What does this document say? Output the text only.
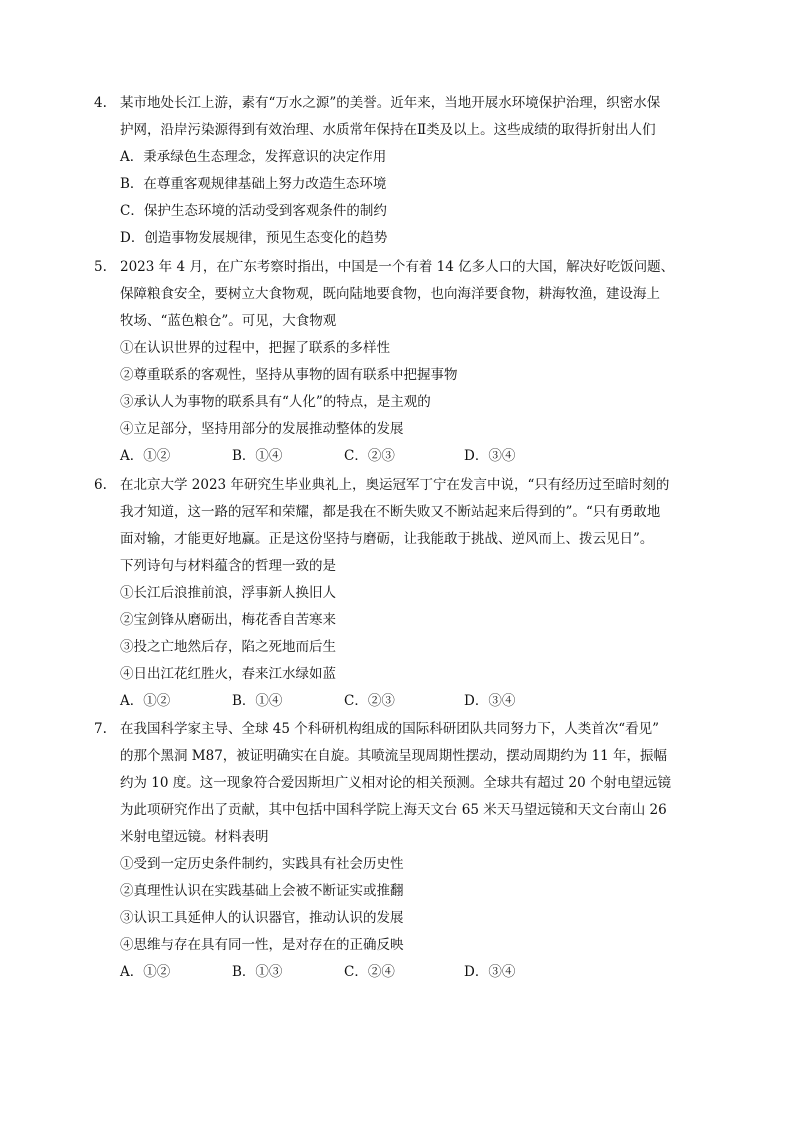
4. 某市地处长江上游，素有“万水之源”的美誉。近年来，当地开展水环境保护治理，织密水保
护网，沿岸污染源得到有效治理、水质常年保持在Ⅱ类及以上。这些成绩的取得折射出人们
A．秉承绿色生态理念，发挥意识的决定作用
B．在尊重客观规律基础上努力改造生态环境
C．保护生态环境的活动受到客观条件的制约
D．创造事物发展规律，预见生态变化的趋势
5. 2023 年 4 月，在广东考察时指出，中国是一个有着 14 亿多人口的大国，解决好吃饭问题、
保障粮食安全，要树立大食物观，既向陆地要食物，也向海洋要食物，耕海牧渔，建设海上
牧场、“蓝色粮仓”。可见，大食物观
①在认识世界的过程中，把握了联系的多样性
②尊重联系的客观性，坚持从事物的固有联系中把握事物
③承认人为事物的联系具有“人化”的特点，是主观的
④立足部分，坚持用部分的发展推动整体的发展
A．①②	B．①④	C．②③	D．③④
6. 在北京大学 2023 年研究生毕业典礼上，奥运冠军丁宁在发言中说，“只有经历过至暗时刻的
我才知道，这一路的冠军和荣耀，都是我在不断失败又不断站起来后得到的”。“只有勇敢地
面对输，才能更好地赢。正是这份坚持与磨砺，让我能敢于挑战、逆风而上、拨云见日”。
下列诗句与材料蕴含的哲理一致的是
①长江后浪推前浪，浮事新人换旧人
②宝剑锋从磨砺出，梅花香自苦寒来
③投之亡地然后存，陷之死地而后生
④日出江花红胜火，春来江水绿如蓝
A．①②	B．①④	C．②③	D．③④
7. 在我国科学家主导、全球 45 个科研机构组成的国际科研团队共同努力下，人类首次“看见”
的那个黑洞 M87，被证明确实在自旋。其喷流呈现周期性摆动，摆动周期约为 11 年，振幅
约为 10 度。这一现象符合爱因斯坦广义相对论的相关预测。全球共有超过 20 个射电望远镜
为此项研究作出了贡献，其中包括中国科学院上海天文台 65 米天马望远镜和天文台南山 26
米射电望远镜。材料表明
①受到一定历史条件制约，实践具有社会历史性
②真理性认识在实践基础上会被不断证实或推翻
③认识工具延伸人的认识器官，推动认识的发展
④思维与存在具有同一性，是对存在的正确反映
A．①②	B．①③	C．②④	D．③④
